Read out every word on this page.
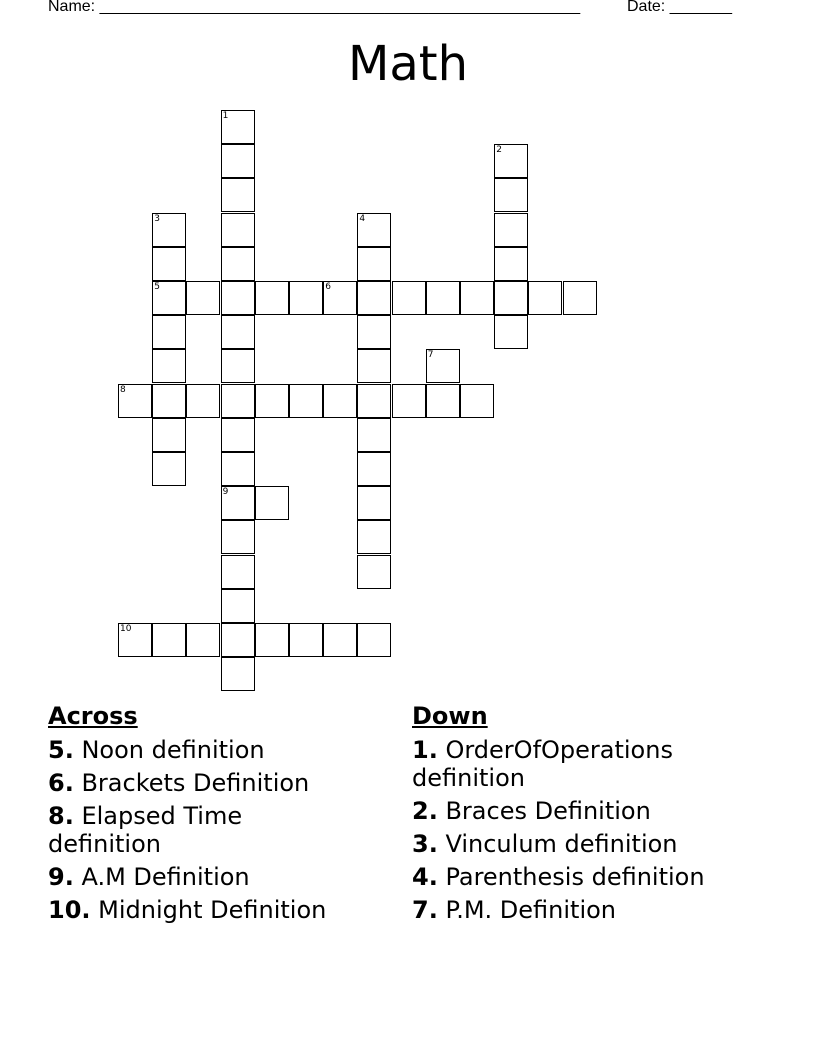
Name: ______________________________________________________	Date: _______
Math
1
9
2
3
5
4
6
7
8
10
Across
5. Noon definition
6. Brackets Definition
8. Elapsed Time definition
9. A.M Definition
10. Midnight Definition
Down
1. OrderOfOperations definition
2. Braces Definition
3. Vinculum definition
4. Parenthesis definition
7. P.M. Definition
